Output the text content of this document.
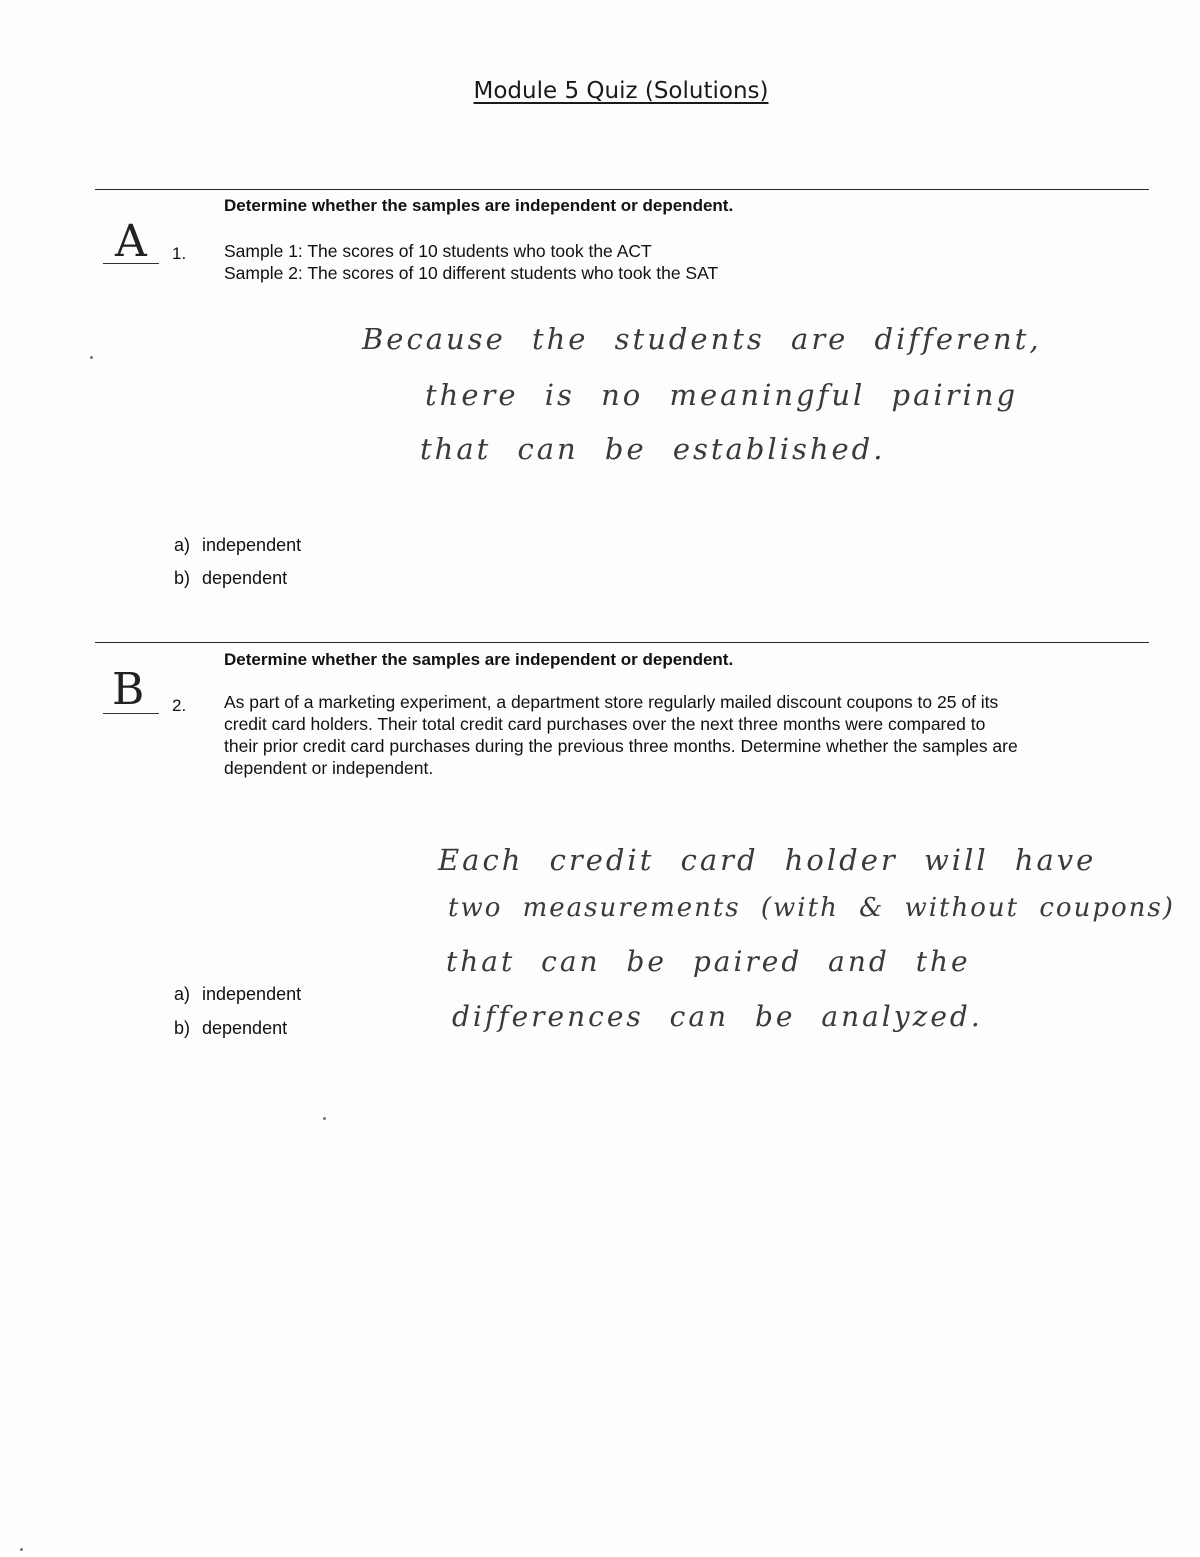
Module 5 Quiz (Solutions)
Determine whether the samples are independent or dependent.
A 1. Sample 1: The scores of 10 students who took the ACT

Sample 2: The scores of 10 different students who took the SAT

Because the students are different,
there is no meaningful pairing
that can be established.
a) independent
b) dependent
Determine whether the samples are independent or dependent.
B 2. As part of a marketing experiment, a department store regularly mailed discount coupons to 25 of its

credit card holders. Their total credit card purchases over the next three months were compared to

their prior credit card purchases during the previous three months. Determine whether the samples are

dependent or independent.

Each credit card holder will have
two measurements (with & without coupons)
that can be paired and the
differences can be analyzed.
a) independent
b) dependent
